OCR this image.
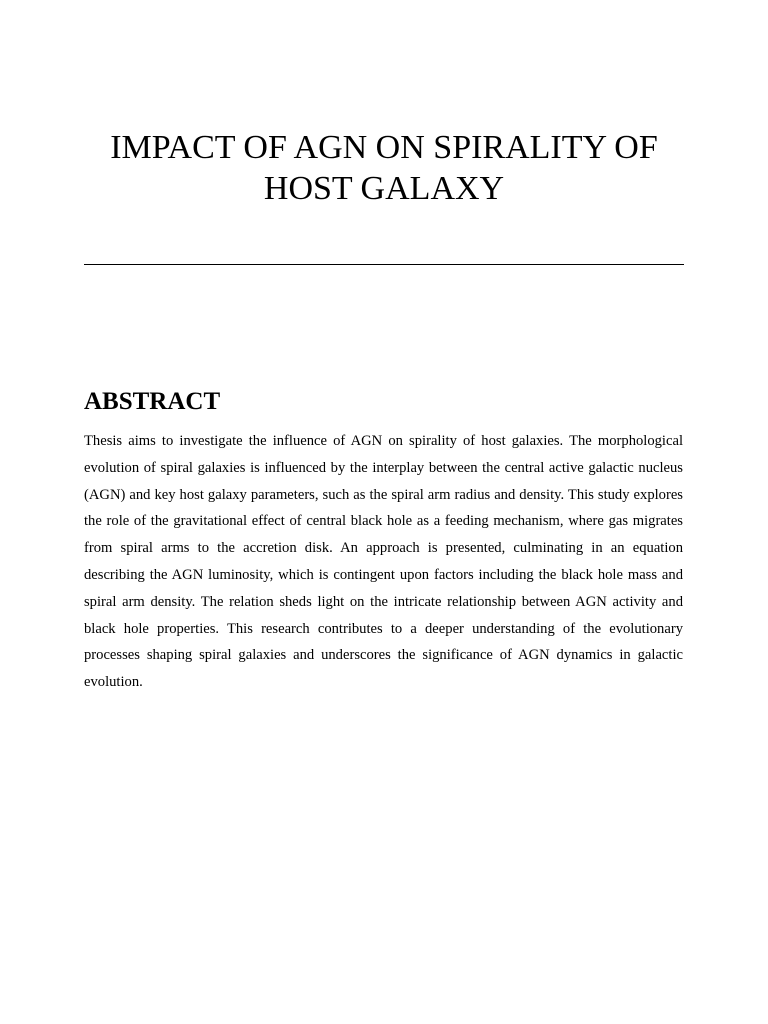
IMPACT OF AGN ON SPIRALITY OF HOST GALAXY
ABSTRACT

Thesis aims to investigate the influence of AGN on spirality of host galaxies. The morphological evolution of spiral galaxies is influenced by the interplay between the central active galactic nucleus (AGN) and key host galaxy parameters, such as the spiral arm radius and density. This study explores the role of the gravitational effect of central black hole as a feeding mechanism, where gas migrates from spiral arms to the accretion disk. An approach is presented, culminating in an equation describing the AGN luminosity, which is contingent upon factors including the black hole mass and spiral arm density. The relation sheds light on the intricate relationship between AGN activity and black hole properties. This research contributes to a deeper understanding of the evolutionary processes shaping spiral galaxies and underscores the significance of AGN dynamics in galactic evolution.
